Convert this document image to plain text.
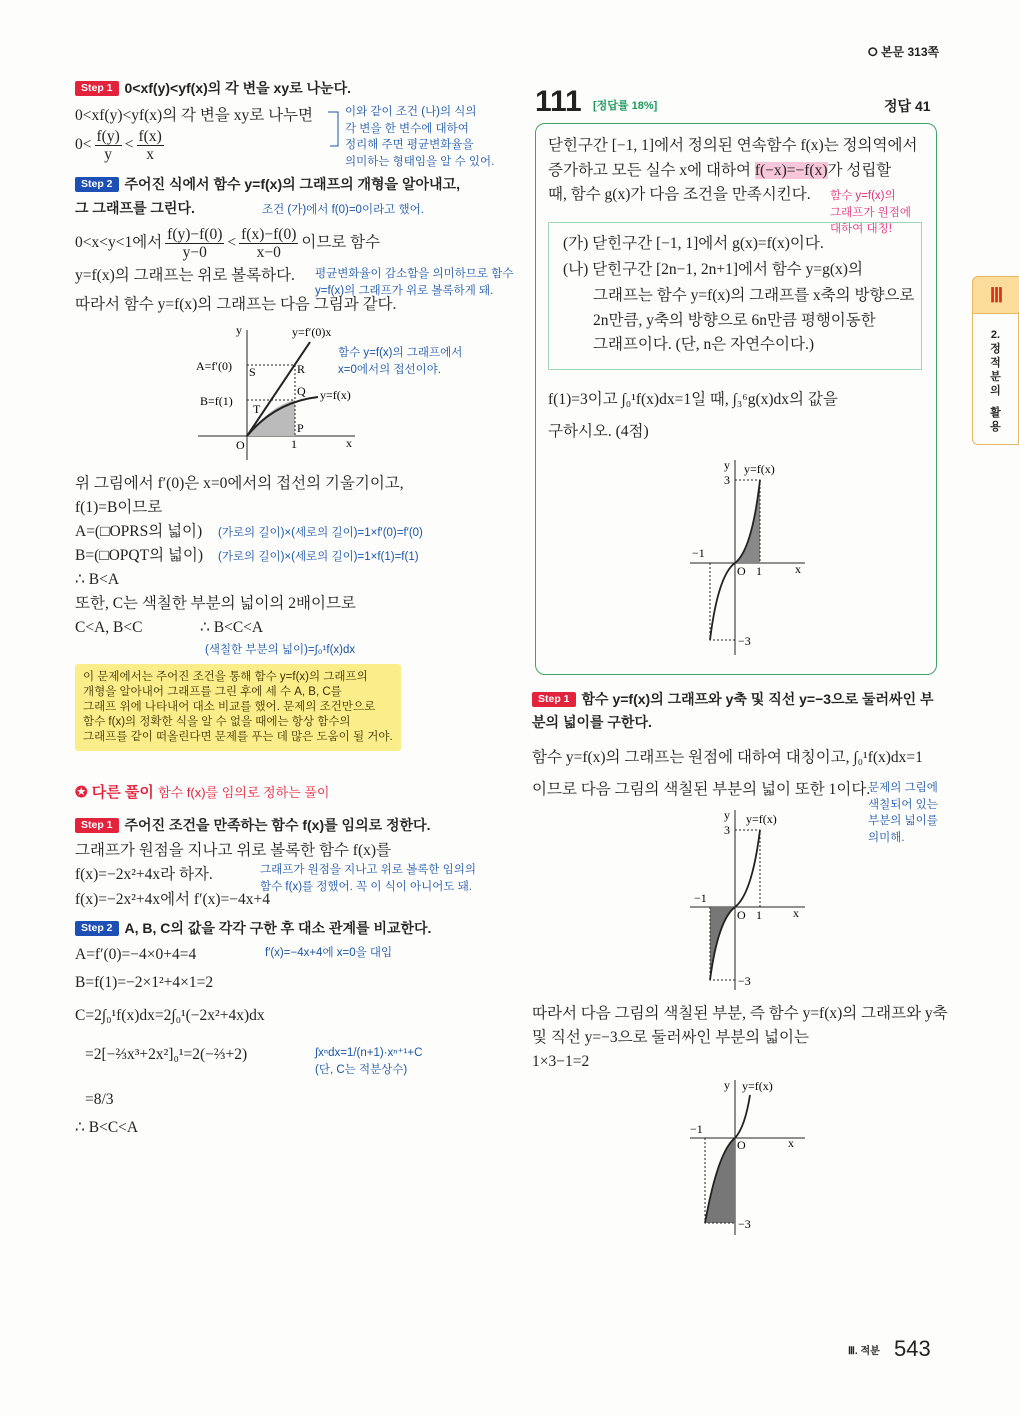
⭘ 본문 313쪽
Step 1 0<xf(y)<yf(x)의 각 변을 xy로 나눈다.
0<xf(y)<yf(x)의 각 변을 xy로 나누면
$0< \frac{f(y)}{y} < \frac{f(x)}{x}$
이와 같이 조건 (나)의 식의
각 변을 한 변수에 대하여
정리해 주면 평균변화율을
의미하는 형태임을 알 수 있어.
Step 2 주어진 식에서 함수 y=f(x)의 그래프의 개형을 알아내고,
그 그래프를 그린다.	조건 (가)에서 f(0)=0이라고 했어.
0<x<y<1에서 $\frac{f(y)-f(0)}{y-0} < \frac{f(x)-f(0)}{x-0}$ 이므로 함수
y=f(x)의 그래프는 위로 볼록하다. 평균변화율이 감소함을 의미하므로 함수
y=f(x)의 그래프가 위로 볼록하게 돼.
따라서 함수 y=f(x)의 그래프는 다음 그림과 같다.
y
x
O	1
A=f′(0)
B=f(1)
S	R
T
Q
P
y=f′(0)x
y=f(x)
함수 y=f(x)의 그래프에서
x=0에서의 접선이야.
위 그림에서 f′(0)은 x=0에서의 접선의 기울기이고,
f(1)=B이므로
A=(□OPRS의 넓이) (가로의 길이)×(세로의 길이)=1×f′(0)=f′(0)
B=(□OPQT의 넓이) (가로의 길이)×(세로의 길이)=1×f(1)=f(1)
∴ B<A
또한, C는 색칠한 부분의 넓이의 2배이므로
C<A, B<C	∴ B<C<A
(색칠한 부분의 넓이)=∫₀¹f(x)dx
이 문제에서는 주어진 조건을 통해 함수 y=f(x)의 그래프의
개형을 알아내어 그래프를 그린 후에 세 수 A, B, C를
그래프 위에 나타내어 대소 비교를 했어. 문제의 조건만으로
함수 f(x)의 정확한 식을 알 수 없을 때에는 항상 함수의
그래프를 같이 떠올린다면 문제를 푸는 데 많은 도움이 될 거야.
✪ 다른 풀이 함수 f(x)를 임의로 정하는 풀이
Step 1 주어진 조건을 만족하는 함수 f(x)를 임의로 정한다.
그래프가 원점을 지나고 위로 볼록한 함수 f(x)를
f(x)=−2x²+4x라 하자.	그래프가 원점을 지나고 위로 볼록한 임의의
함수 f(x)를 정했어. 꼭 이 식이 아니어도 돼.
f(x)=−2x²+4x에서 f′(x)=−4x+4
Step 2 A, B, C의 값을 각각 구한 후 대소 관계를 비교한다.
A=f′(0)=−4×0+4=4	f′(x)=−4x+4에 x=0을 대입
B=f(1)=−2×1²+4×1=2
C=2∫₀¹f(x)dx=2∫₀¹(−2x²+4x)dx
=2[−⅔x³+2x²]₀¹=2(−⅔+2)	∫xⁿdx=1/(n+1)·xⁿ⁺¹+C
(단, C는 적분상수)
=8/3
∴ B<C<A
111 [정답률 18%]	정답 41
닫힌구간 [−1, 1]에서 정의된 연속함수 f(x)는 정의역에서
증가하고 모든 실수 x에 대하여 f(−x)=−f(x)가 성립할
때, 함수 g(x)가 다음 조건을 만족시킨다. 함수 y=f(x)의
그래프가 원점에
대하여 대칭!
(가) 닫힌구간 [−1, 1]에서 g(x)=f(x)이다.
(나) 닫힌구간 [2n−1, 2n+1]에서 함수 y=g(x)의
그래프는 함수 y=f(x)의 그래프를 x축의 방향으로
2n만큼, y축의 방향으로 6n만큼 평행이동한
그래프이다. (단, n은 자연수이다.)
f(1)=3이고 ∫₀¹f(x)dx=1일 때, ∫₃⁶g(x)dx의 값을
구하시오. (4점)
y y=f(x)
3
−1
O 1	x
−3
Step 1 함수 y=f(x)의 그래프와 y축 및 직선 y=−3으로 둘러싸인 부
분의 넓이를 구한다.
함수 y=f(x)의 그래프는 원점에 대하여 대칭이고, ∫₀¹f(x)dx=1
이므로 다음 그림의 색칠된 부분의 넓이 또한 1이다.
문제의 그림에
색칠되어 있는
부분의 넓이를
의미해.
y y=f(x)
3
−1
O 1	x
−3
따라서 다음 그림의 색칠된 부분, 즉 함수 y=f(x)의 그래프와 y축
및 직선 y=−3으로 둘러싸인 부분의 넓이는
1×3−1=2
y y=f(x)
−1
O	x
−3
Ⅲ
2.
정
적
분
의
활
용
Ⅲ. 적분 543
